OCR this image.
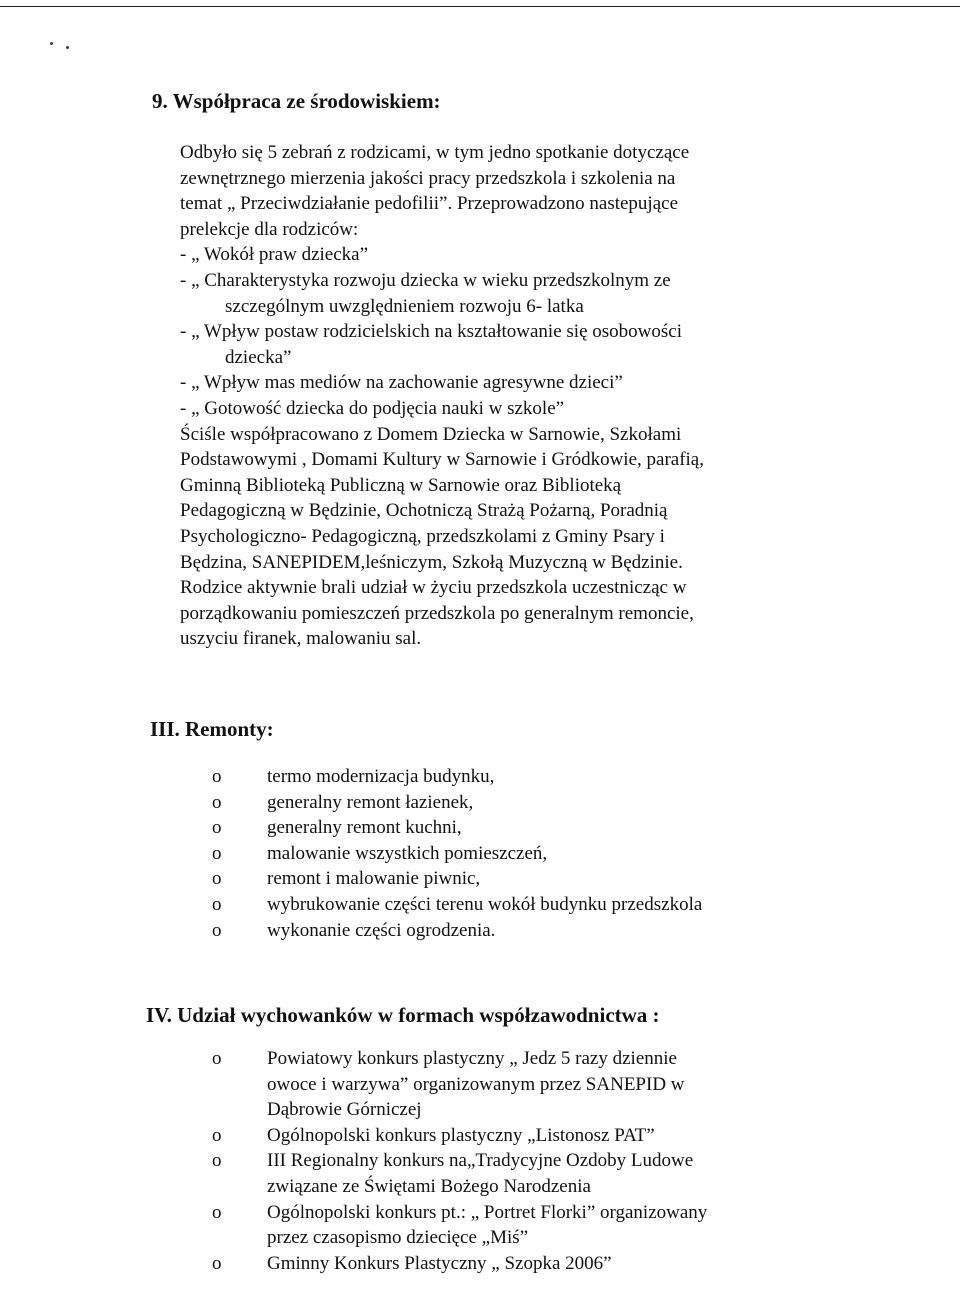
9. Współpraca ze środowiskiem:
Odbyło się 5 zebrań z rodzicami, w tym jedno spotkanie dotyczące
zewnętrznego mierzenia jakości pracy przedszkola i szkolenia na
temat „ Przeciwdziałanie pedofilii”. Przeprowadzono nastepujące
prelekcje dla rodziców:
- „ Wokół praw dziecka”
- „ Charakterystyka rozwoju dziecka w wieku przedszkolnym ze
szczególnym uwzględnieniem rozwoju 6- latka
- „ Wpływ postaw rodzicielskich na kształtowanie się osobowości
dziecka”
- „ Wpływ mas mediów na zachowanie agresywne dzieci”
- „ Gotowość dziecka do podjęcia nauki w szkole”
Ściśle współpracowano z Domem Dziecka w Sarnowie, Szkołami
Podstawowymi , Domami Kultury w Sarnowie i Gródkowie, parafią,
Gminną Biblioteką Publiczną w Sarnowie oraz Biblioteką
Pedagogiczną w Będzinie, Ochotniczą Strażą Pożarną, Poradnią
Psychologiczno- Pedagogiczną, przedszkolami z Gminy Psary i
Będzina, SANEPIDEM,leśniczym, Szkołą Muzyczną w Będzinie.
Rodzice aktywnie brali udział w życiu przedszkola uczestnicząc w
porządkowaniu pomieszczeń przedszkola po generalnym remoncie,
uszyciu firanek, malowaniu sal.
III. Remonty:
o termo modernizacja budynku,
o generalny remont łazienek,
o generalny remont kuchni,
o malowanie wszystkich pomieszczeń,
o remont i malowanie piwnic,
o wybrukowanie części terenu wokół budynku przedszkola
o wykonanie części ogrodzenia.
IV. Udział wychowanków w formach współzawodnictwa :
o Powiatowy konkurs plastyczny „ Jedz 5 razy dziennie
owoce i warzywa” organizowanym przez SANEPID w
Dąbrowie Górniczej
o Ogólnopolski konkurs plastyczny „Listonosz PAT”
o III Regionalny konkurs na„Tradycyjne Ozdoby Ludowe
związane ze Świętami Bożego Narodzenia
o Ogólnopolski konkurs pt.: „ Portret Florki” organizowany
przez czasopismo dziecięce „Miś”
o Gminny Konkurs Plastyczny „ Szopka 2006”
